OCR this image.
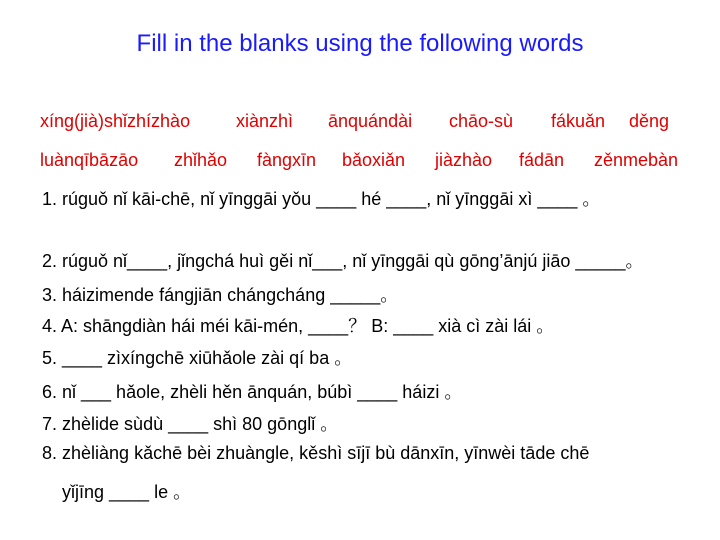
Fill in the blanks using the following words
xíng(jià)shǐzhízhào	xiànzhì ānquándài chāo-sù fákuǎn děng
luànqībāzāo zhǐhǎo fàngxīn bǎoxiǎn jiàzhào fádān zěnmebàn
1. rúguǒ nǐ kāi-chē, nǐ yīnggāi yǒu ____ hé ____, nǐ yīnggāi xì ____ 。
2. rúguǒ nǐ____, jǐngchá huì gěi nǐ___, nǐ yīnggāi qù gōng’ānjú jiāo _____。
3. háizimende fángjiān chángcháng _____。
4. A: shāngdiàn hái méi kāi-mén, ____？ B: ____ xià cì zài lái 。
5. ____ zìxíngchē xiūhǎole zài qí ba 。
6. nǐ ___ hǎole, zhèli hěn ānquán, búbì ____ háizi 。
7. zhèlide sùdù ____ shì 80 gōnglǐ 。
8. zhèliàng kǎchē bèi zhuàngle, kěshì sījī bù dānxīn, yīnwèi tāde chē
yǐjīng ____ le 。
